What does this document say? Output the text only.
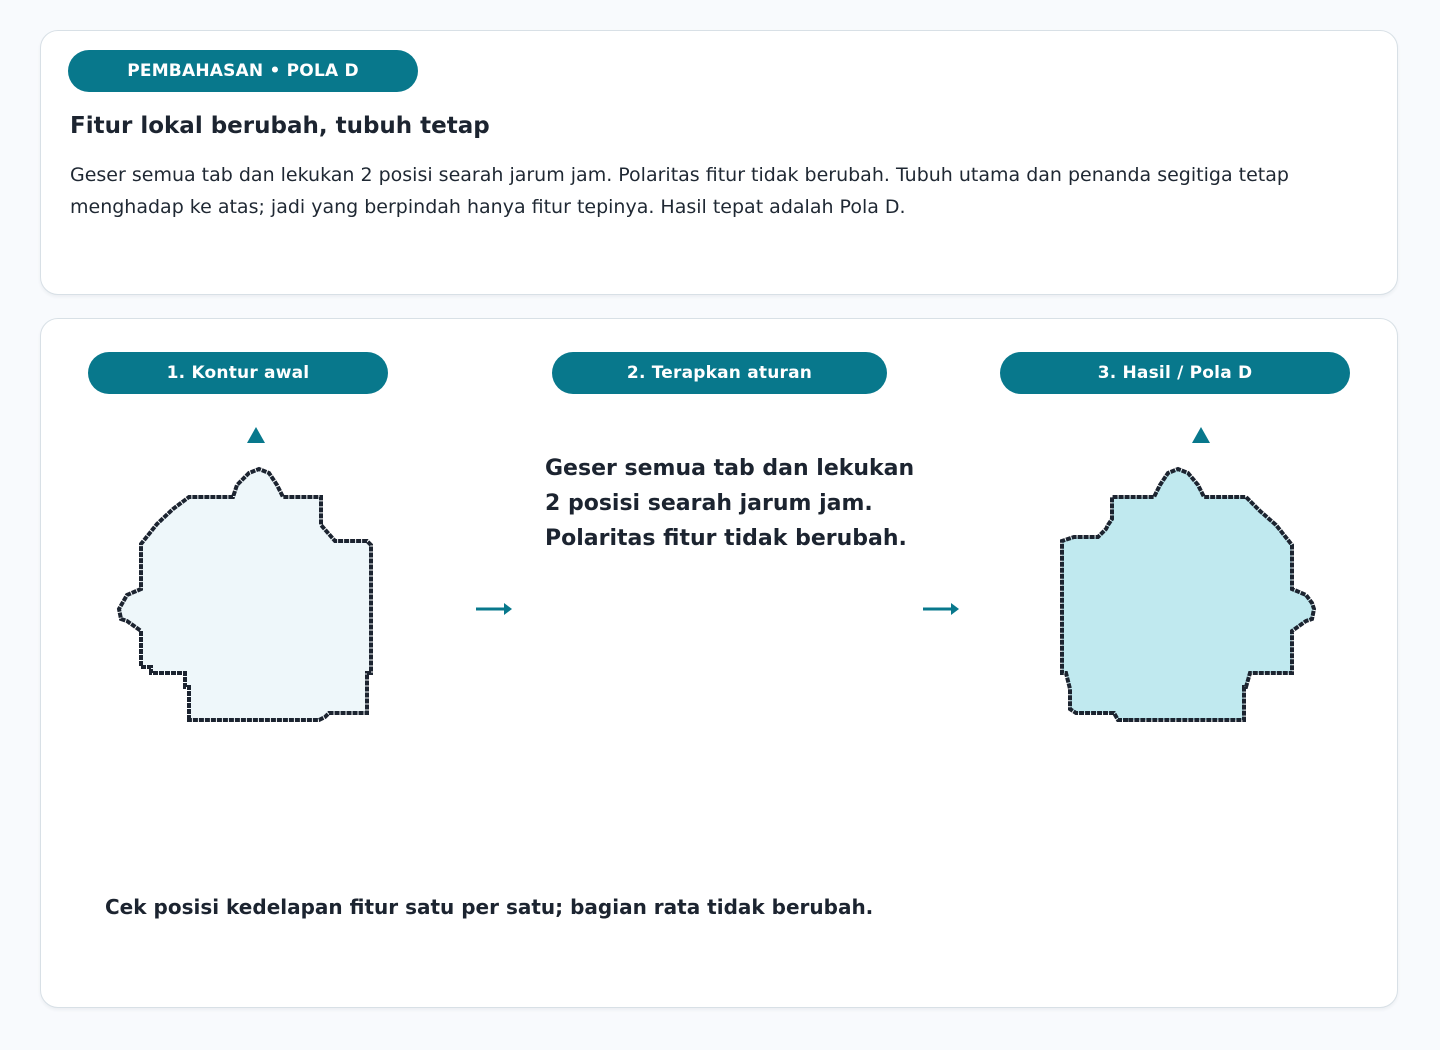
PEMBAHASAN • POLA D
Fitur lokal berubah, tubuh tetap
Geser semua tab dan lekukan 2 posisi searah jarum jam. Polaritas fitur tidak berubah. Tubuh utama dan penanda segitiga tetap menghadap ke atas; jadi yang berpindah hanya fitur tepinya. Hasil tepat adalah Pola D.
1. Kontur awal	2. Terapkan aturan	3. Hasil / Pola D
Geser semua tab dan lekukan 2 posisi searah jarum jam. Polaritas fitur tidak berubah.
Cek posisi kedelapan fitur satu per satu; bagian rata tidak berubah.
